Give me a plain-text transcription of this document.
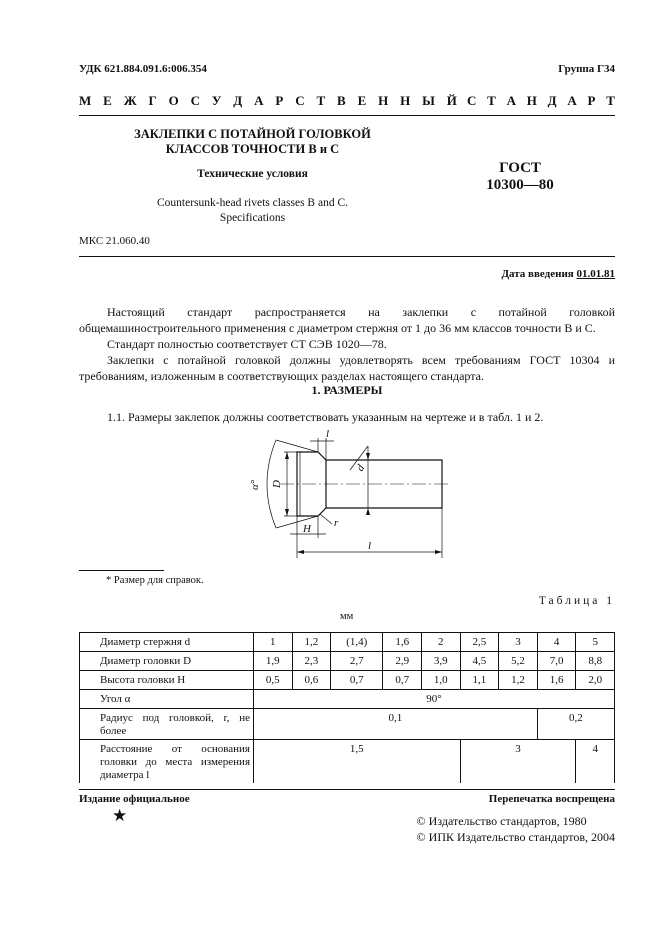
УДК 621.884.091.6:006.354	Группа Г34
М Е Ж Г О С У Д А Р С Т В Е Н Н Ы Й С Т А Н Д А Р Т
ЗАКЛЕПКИ С ПОТАЙНОЙ ГОЛОВКОЙ
КЛАССОВ ТОЧНОСТИ В и С
Технические условия
Countersunk-head rivets classes B and C.
Specifications
ГОСТ
10300—80
МКС 21.060.40
Дата введения 01.01.81
Настоящий стандарт распространяется на заклепки с потайной головкой общемашиностроительного применения с диаметром стержня от 1 до 36 мм классов точности В и С.
Стандарт полностью соответствует СТ СЭВ 1020—78.
Заклепки с потайной головкой должны удовлетворять всем требованиям ГОСТ 10304 и требованиям, изложенным в соответствующих разделах настоящего стандарта.
1. РАЗМЕРЫ
1.1. Размеры заклепок должны соответствовать указанным на чертеже и в табл. 1 и 2.
α° D
l
d
H r
l
* Размер для справок.
Таблица 1
мм
Диаметр стержня d	1	1,2	(1,4)	1,6	2	2,5	3	4	5
Диаметр головки D	1,9	2,3	2,7	2,9	3,9	4,5	5,2	7,0	8,8
Высота головки H	0,5	0,6	0,7	0,7	1,0	1,1	1,2	1,6	2,0
Угол α	90°								
Радиус под головкой, r, не более	0,1							0,2	
Расстояние от основания головки до места измерения диаметра l	1,5					3			4
Издание официальное	Перепечатка воспрещена
★	© Издательство стандартов, 1980
© ИПК Издательство стандартов, 2004
